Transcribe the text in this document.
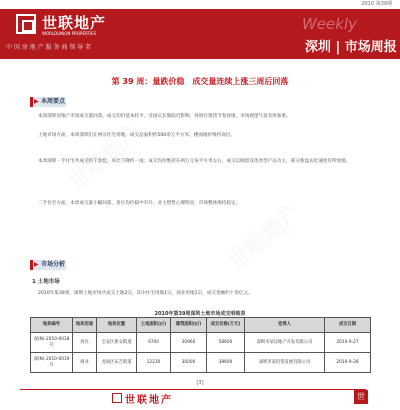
2010 第39期
世联地产
WORLDUNION PROPERTIES
中 国 房 地 产 服 务 商 领 导 者
Weekly
深圳 | 市场周报
第 39 周：量跌价稳　成交量连续上涨三周后回落
▶ 本周要点
本周深圳房地产市场成交量回落，成交均价基本持平。受国庆长假临近影响，各项目推货节奏放缓，市场观望气氛有所加重。
土地市场方面，本周深圳出让两宗住宅用地，成交总面积约500余万平方米，楼面地价维持高位。
本周深圳一手住宅共成交约千余套，环比下降约一成；成交均价维持在两万元每平方米左右，成交以刚需及改善型产品为主，部分新盘去化速度有所放缓。
二手住宅方面，本周成交量小幅回落，各区均价稳中有升，业主惜售心理明显，市场整体保持稳定。
▶ 市场分析
1 土地市场
2010年第39周，深圳土地市场共成交土地2宗，其中住宅用地1宗，商业用地1宗，成交金额约十余亿元。
2010年第39周深圳土地市场成交明细表
地块编号	地块用途	地块位置	土地面积(㎡)	建筑面积(㎡)	成交价格(万元)	竞得人	成交日期
深(N)-2010-0018号	居住	宝安区新安街道	9700	30960	58600	深圳市某房地产开发有限公司	2010-9-27
深(N)-2010-0019号	商业	龙岗区布吉街道	12230	36000	38600	深圳市某投资发展有限公司	2010-9-28
[3]
世联地产	世
